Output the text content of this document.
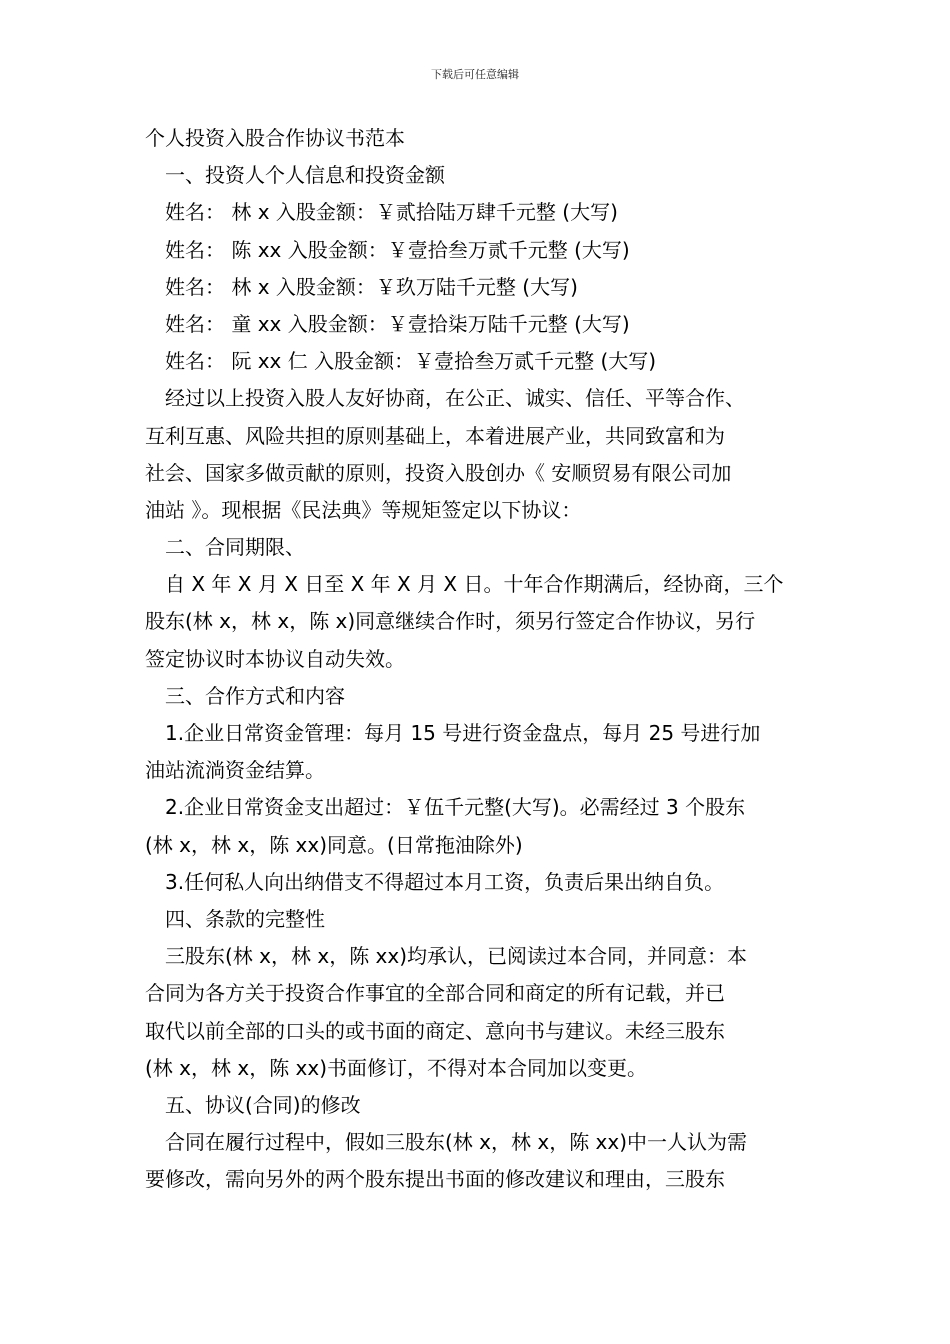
下载后可任意编辑
个人投资入股合作协议书范本
一、投资人个人信息和投资金额
姓名： 林 x 入股金额：￥贰拾陆万肆千元整 (大写)
姓名： 陈 xx 入股金额：￥壹拾叁万贰千元整 (大写)
姓名： 林 x 入股金额：￥玖万陆千元整 (大写)
姓名： 童 xx 入股金额：￥壹拾柒万陆千元整 (大写)
姓名： 阮 xx 仁 入股金额：￥壹拾叁万贰千元整 (大写)
经过以上投资入股人友好协商，在公正、诚实、信任、平等合作、
互利互惠、风险共担的原则基础上，本着进展产业，共同致富和为
社会、国家多做贡献的原则，投资入股创办《 安顺贸易有限公司加
油站 》。现根据《民法典》等规矩签定以下协议：
二、合同期限、
自 X 年 X 月 X 日至 X 年 X 月 X 日。十年合作期满后，经协商，三个
股东(林 x，林 x，陈 x)同意继续合作时，须另行签定合作协议，另行
签定协议时本协议自动失效。
三、合作方式和内容
1.企业日常资金管理：每月 15 号进行资金盘点，每月 25 号进行加
油站流淌资金结算。
2.企业日常资金支出超过：￥伍千元整(大写)。必需经过 3 个股东
(林 x，林 x，陈 xx)同意。(日常拖油除外)
3.任何私人向出纳借支不得超过本月工资，负责后果出纳自负。
四、条款的完整性
三股东(林 x，林 x，陈 xx)均承认，已阅读过本合同，并同意：本
合同为各方关于投资合作事宜的全部合同和商定的所有记载，并已
取代以前全部的口头的或书面的商定、意向书与建议。未经三股东
(林 x，林 x，陈 xx)书面修订，不得对本合同加以变更。
五、协议(合同)的修改
合同在履行过程中，假如三股东(林 x，林 x，陈 xx)中一人认为需
要修改，需向另外的两个股东提出书面的修改建议和理由，三股东
